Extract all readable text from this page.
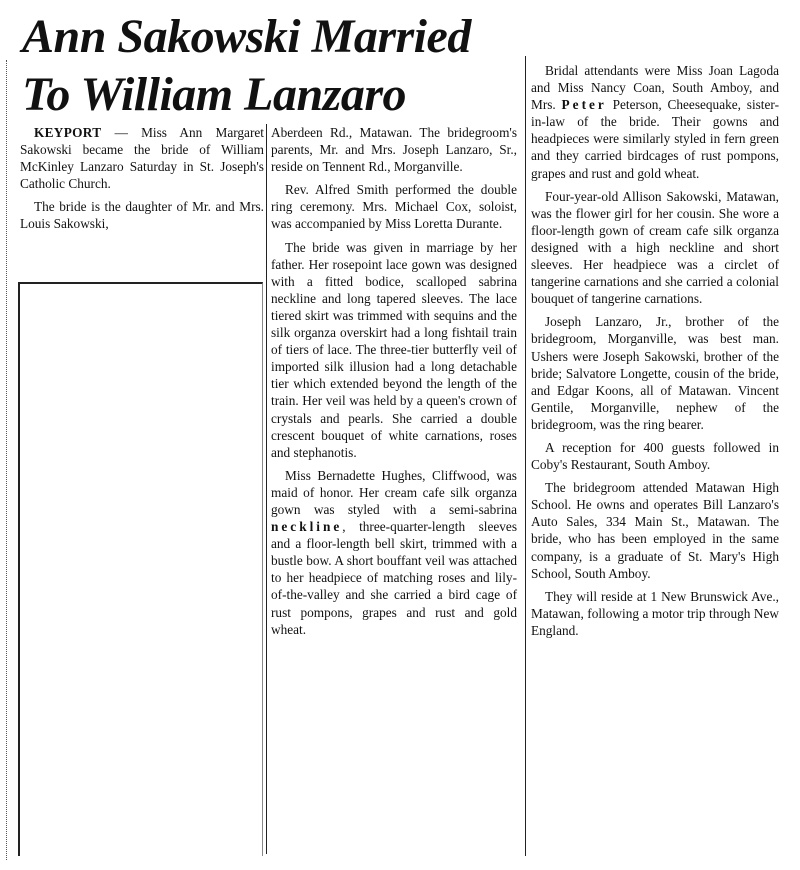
Ann Sakowski Married
To William Lanzaro

KEYPORT — Miss Ann Margaret Sakowski became the bride of William McKinley Lanzaro Saturday in St. Joseph's Catholic Church.

The bride is the daughter of Mr. and Mrs. Louis Sakowski,

Aberdeen Rd., Matawan. The bridegroom's parents, Mr. and Mrs. Joseph Lanzaro, Sr., reside on Tennent Rd., Morganville.

Rev. Alfred Smith performed the double ring ceremony. Mrs. Michael Cox, soloist, was accompanied by Miss Loretta Durante.

The bride was given in marriage by her father. Her rosepoint lace gown was designed with a fitted bodice, scalloped sabrina neckline and long tapered sleeves. The lace tiered skirt was trimmed with sequins and the silk organza overskirt had a long fishtail train of tiers of lace. The three-tier butterfly veil of imported silk illusion had a long detachable tier which extended beyond the length of the train. Her veil was held by a queen's crown of crystals and pearls. She carried a double crescent bouquet of white carnations, roses and stephanotis.

Miss Bernadette Hughes, Cliffwood, was maid of honor. Her cream cafe silk organza gown was styled with a semi-sabrina neckline, three-quarter-length sleeves and a floor-length bell skirt, trimmed with a bustle bow. A short bouffant veil was attached to her headpiece of matching roses and lily-of-the-valley and she carried a bird cage of rust pompons, grapes and rust and gold wheat.

Bridal attendants were Miss Joan Lagoda and Miss Nancy Coan, South Amboy, and Mrs. Peter Peterson, Cheesequake, sister-in-law of the bride. Their gowns and headpieces were similarly styled in fern green and they carried birdcages of rust pompons, grapes and rust and gold wheat.

Four-year-old Allison Sakowski, Matawan, was the flower girl for her cousin. She wore a floor-length gown of cream cafe silk organza designed with a high neckline and short sleeves. Her headpiece was a circlet of tangerine carnations and she carried a colonial bouquet of tangerine carnations.

Joseph Lanzaro, Jr., brother of the bridegroom, Morganville, was best man. Ushers were Joseph Sakowski, brother of the bride; Salvatore Longette, cousin of the bride, and Edgar Koons, all of Matawan. Vincent Gentile, Morganville, nephew of the bridegroom, was the ring bearer.

A reception for 400 guests followed in Coby's Restaurant, South Amboy.

The bridegroom attended Matawan High School. He owns and operates Bill Lanzaro's Auto Sales, 334 Main St., Matawan. The bride, who has been employed in the same company, is a graduate of St. Mary's High School, South Amboy.

They will reside at 1 New Brunswick Ave., Matawan, following a motor trip through New England.
